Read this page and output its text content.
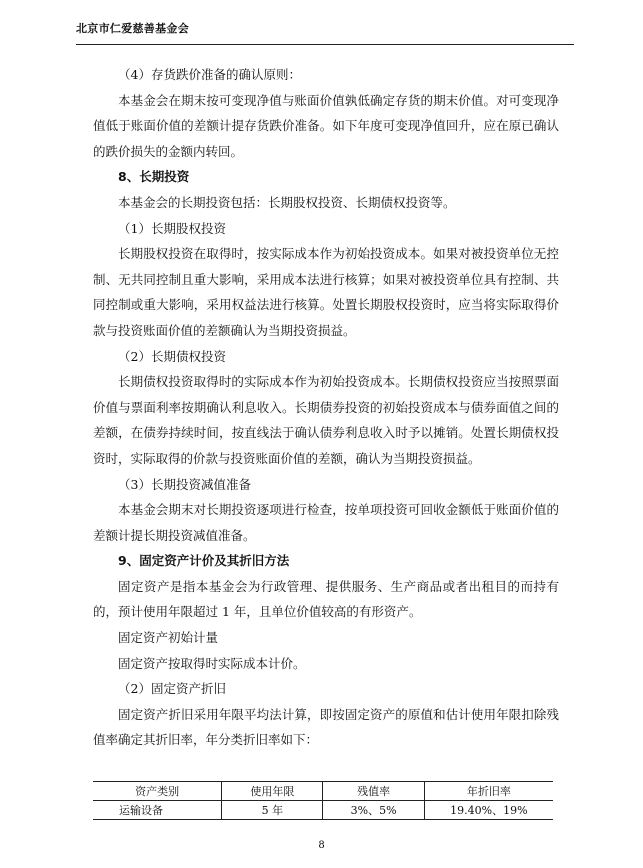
北京市仁爱慈善基金会

（4）存货跌价准备的确认原则：

本基金会在期末按可变现净值与账面价值孰低确定存货的期末价值。对可变现净值低于账面价值的差额计提存货跌价准备。如下年度可变现净值回升，应在原已确认的跌价损失的金额内转回。

8、长期投资

本基金会的长期投资包括：长期股权投资、长期债权投资等。

（1）长期股权投资

长期股权投资在取得时，按实际成本作为初始投资成本。如果对被投资单位无控制、无共同控制且重大影响，采用成本法进行核算；如果对被投资单位具有控制、共同控制或重大影响，采用权益法进行核算。处置长期股权投资时，应当将实际取得价款与投资账面价值的差额确认为当期投资损益。

（2）长期债权投资

长期债权投资取得时的实际成本作为初始投资成本。长期债权投资应当按照票面价值与票面利率按期确认利息收入。长期债券投资的初始投资成本与债券面值之间的差额，在债券持续时间，按直线法于确认债券利息收入时予以摊销。处置长期债权投资时，实际取得的价款与投资账面价值的差额，确认为当期投资损益。

（3）长期投资减值准备

本基金会期末对长期投资逐项进行检查，按单项投资可回收金额低于账面价值的差额计提长期投资减值准备。

9、固定资产计价及其折旧方法

固定资产是指本基金会为行政管理、提供服务、生产商品或者出租目的而持有的，预计使用年限超过 1 年，且单位价值较高的有形资产。

固定资产初始计量

固定资产按取得时实际成本计价。

（2）固定资产折旧

固定资产折旧采用年限平均法计算，即按固定资产的原值和估计使用年限扣除残值率确定其折旧率，年分类折旧率如下：

资产类别	使用年限	残值率	年折旧率
运输设备	5 年	3%、5%	19.40%、19%
8
